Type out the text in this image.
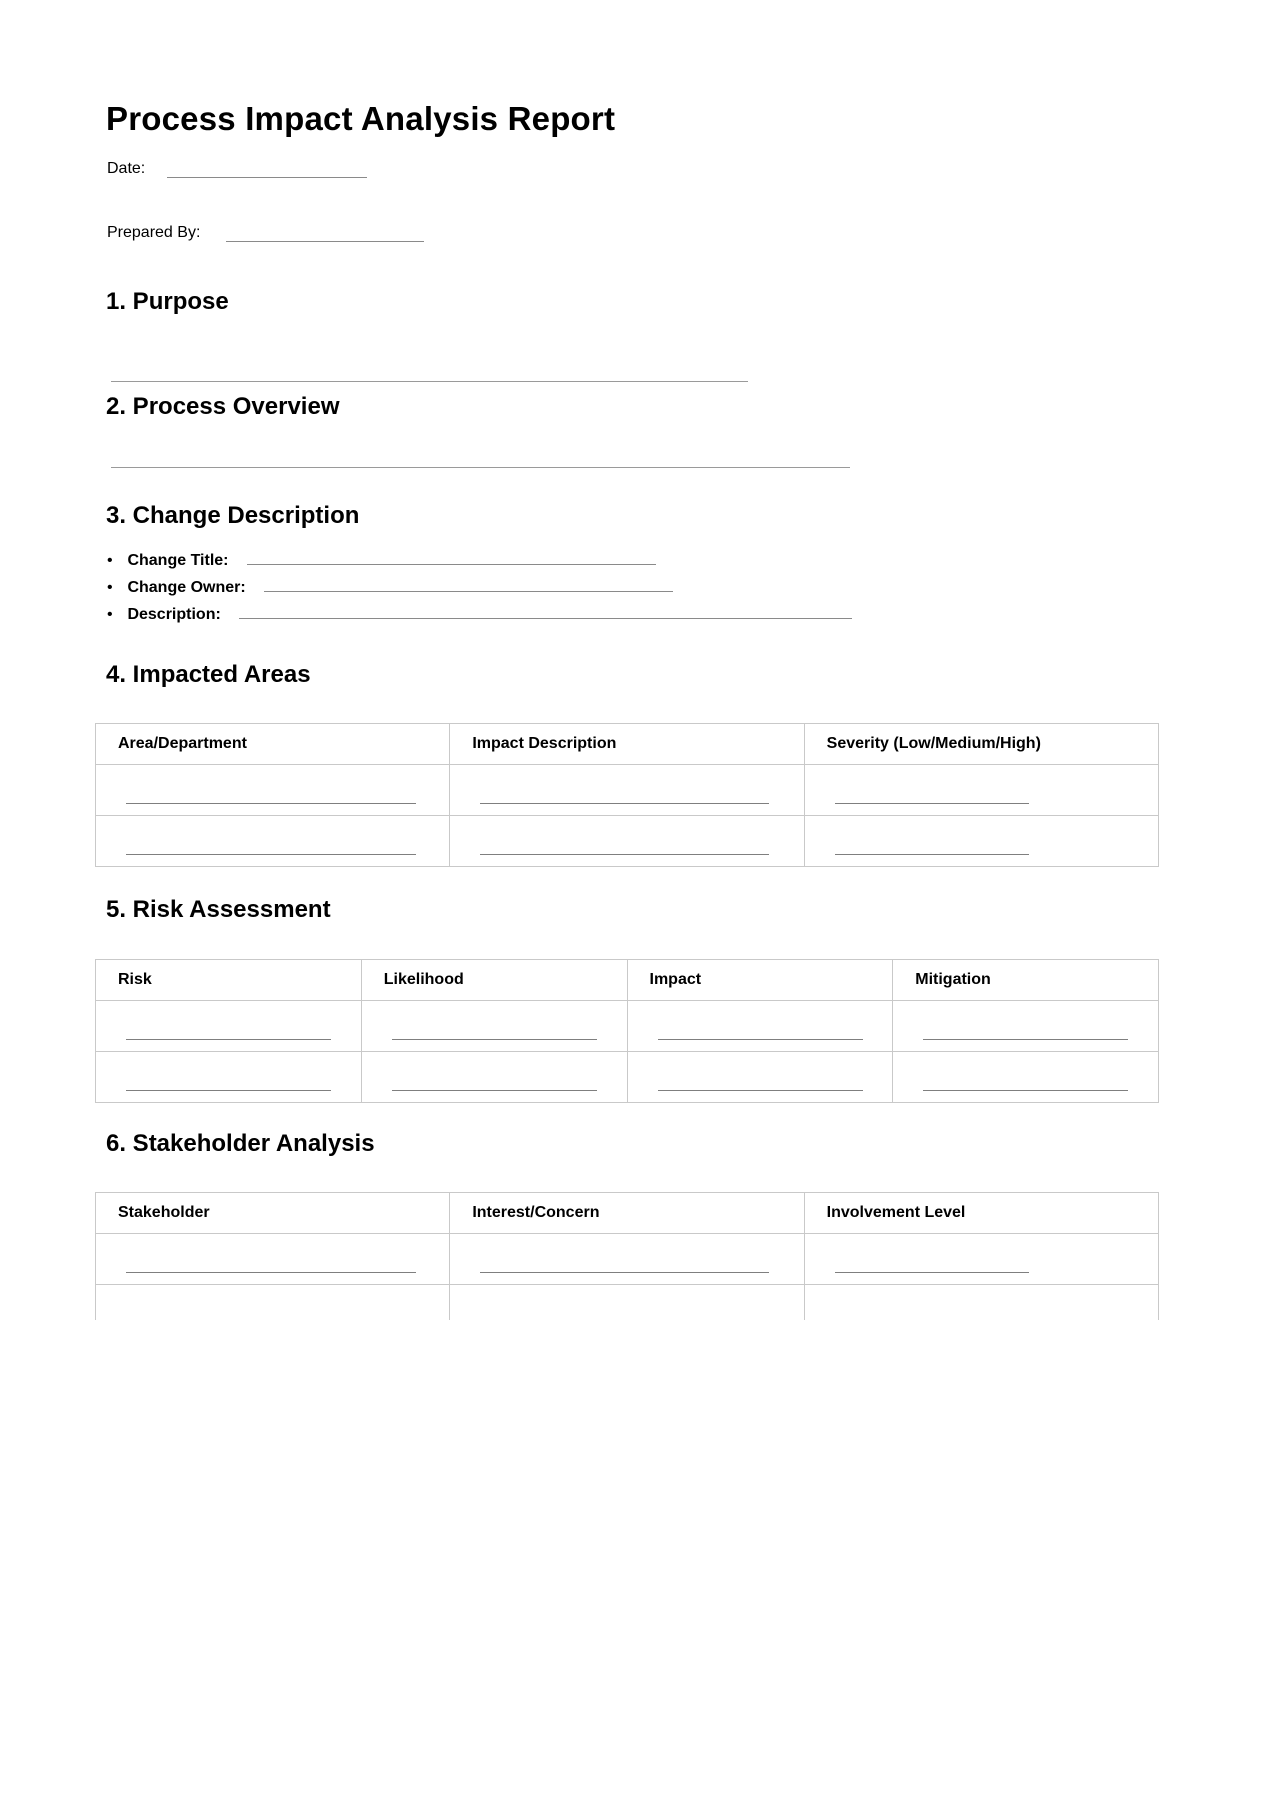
Process Impact Analysis Report
Date:
Prepared By:
1. Purpose
2. Process Overview
3. Change Description
• Change Title:
• Change Owner:
• Description:
4. Impacted Areas
Area/Department	Impact Description	Severity (Low/Medium/High)

5. Risk Assessment
Risk	Likelihood	Impact	Mitigation

6. Stakeholder Analysis
Stakeholder	Interest/Concern	Involvement Level
